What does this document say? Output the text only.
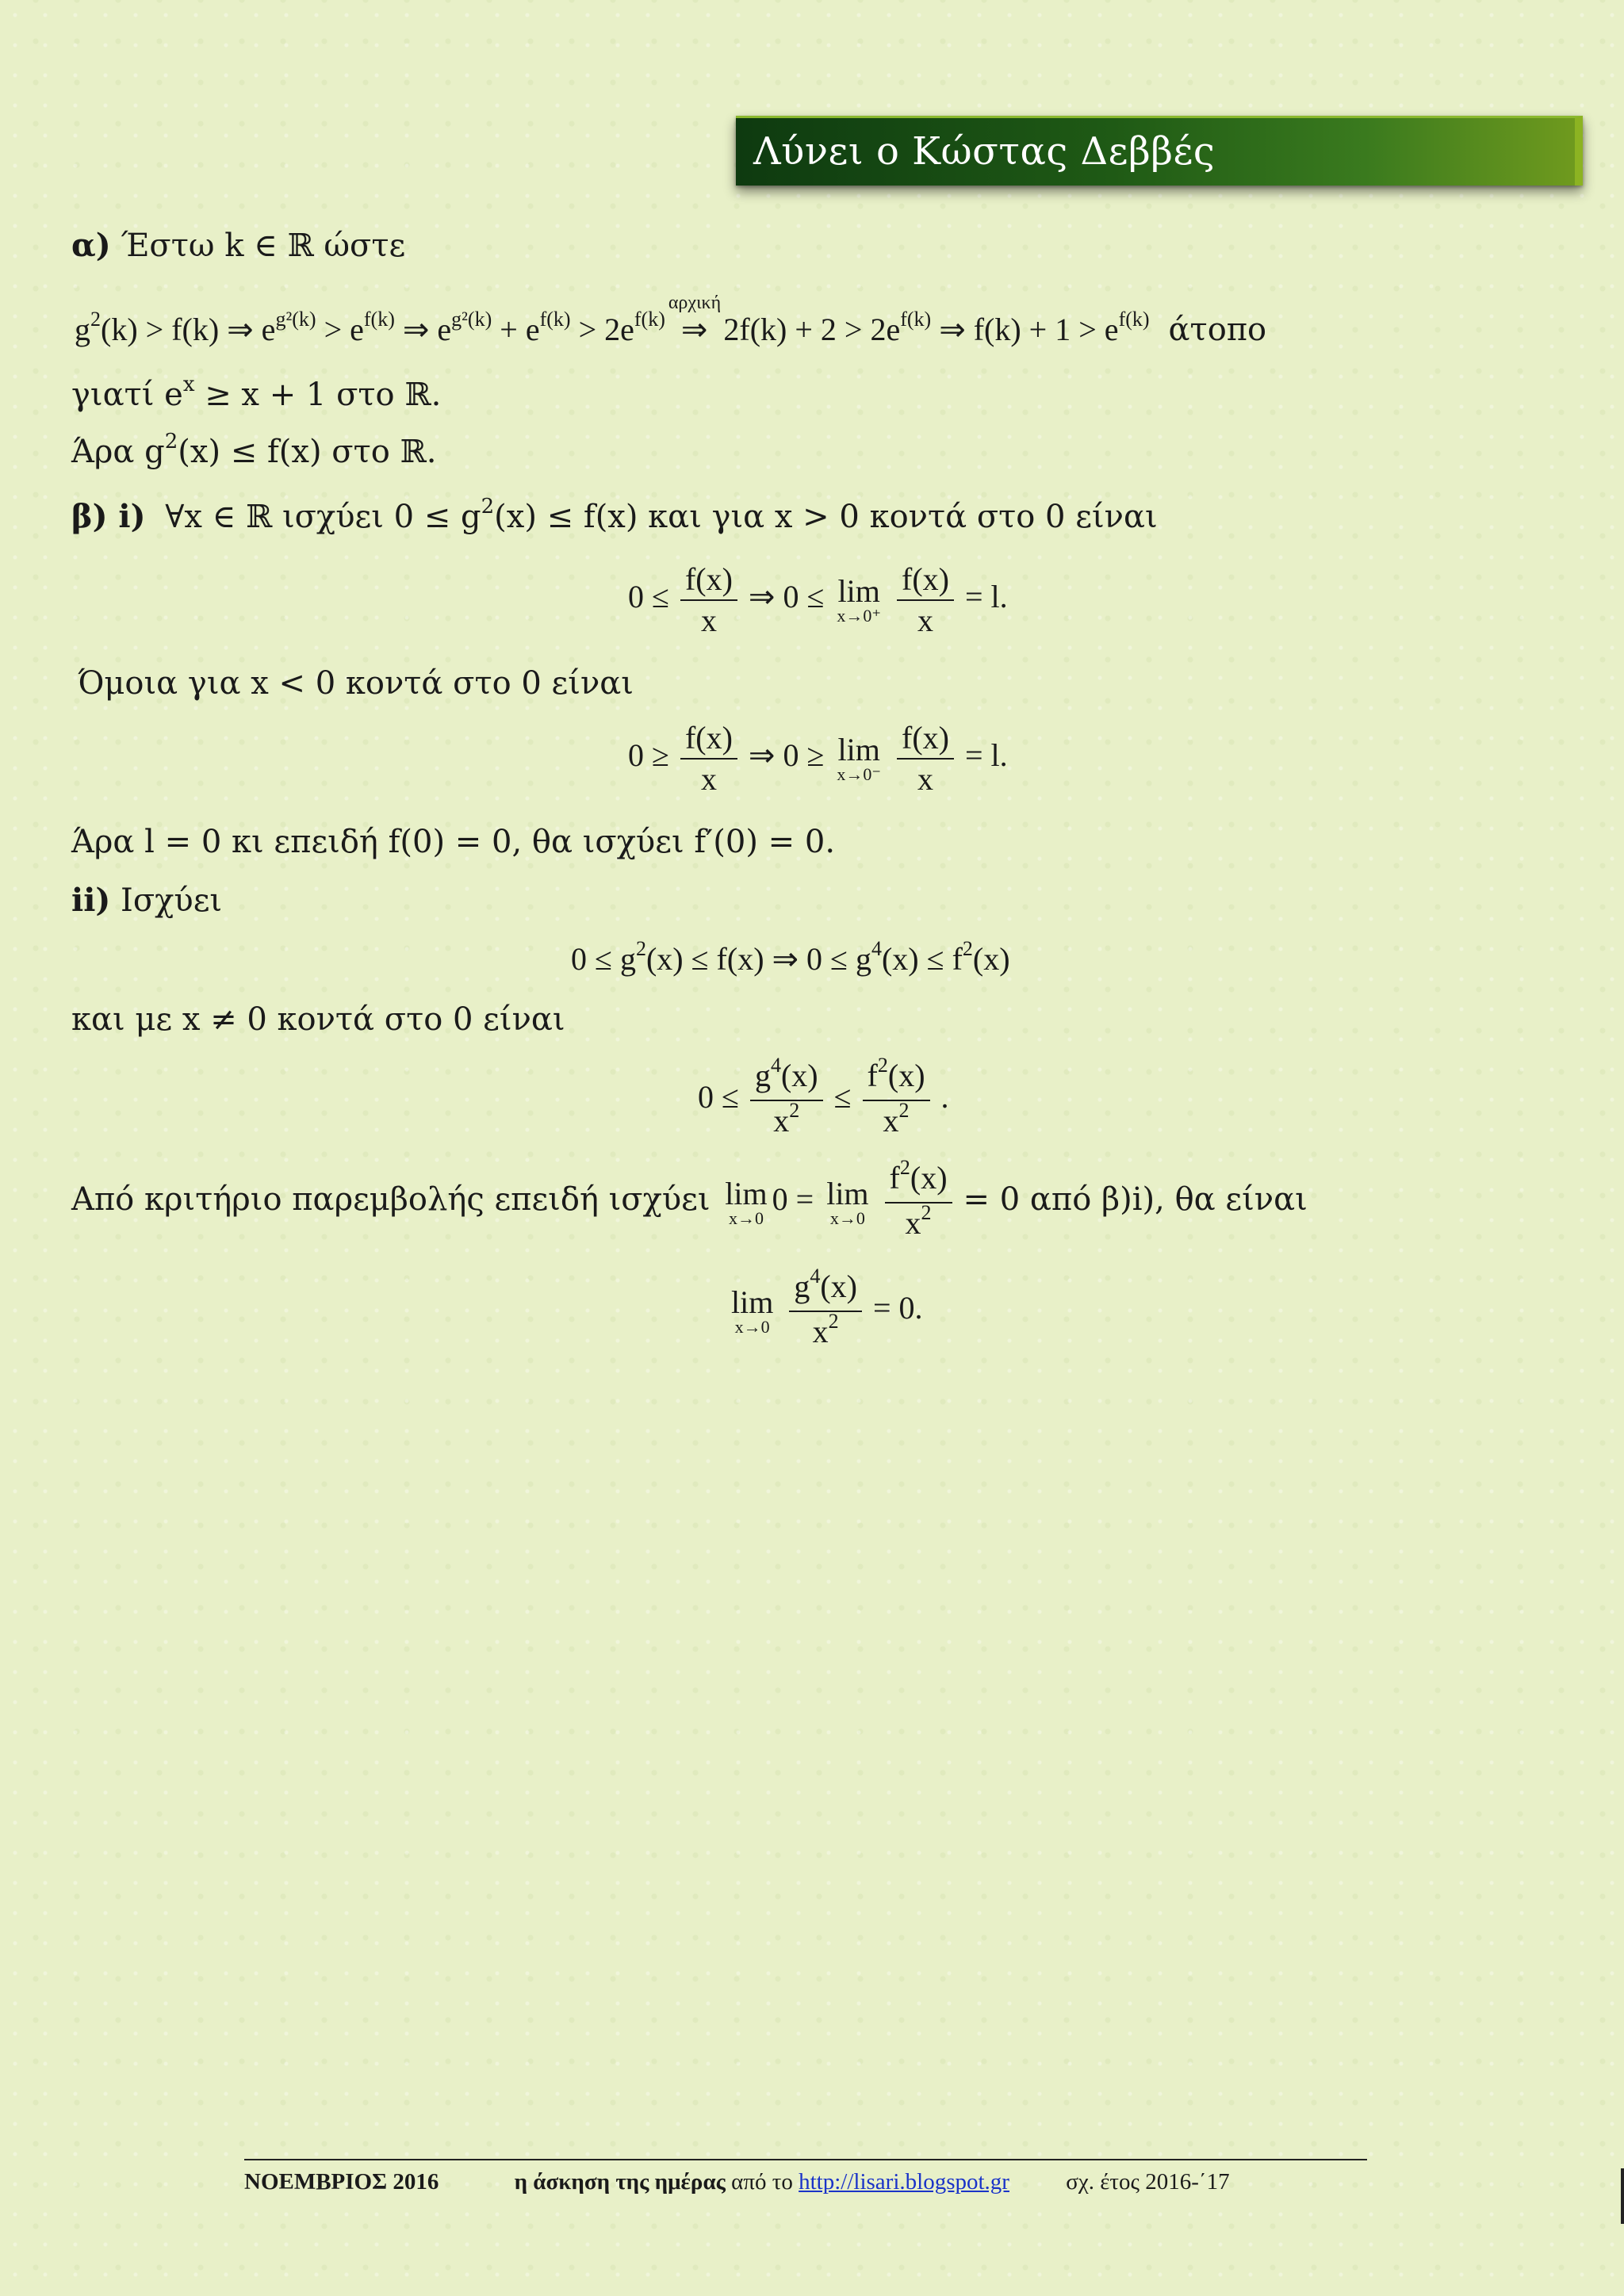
Λύνει ο Κώστας Δεββές
α) Έστω k ∈ ℝ ώστε
$g^2(k) > f(k)$ ⇒ $e^{g^2(k)} > e^{f(k)}$ ⇒ $e^{g^2(k)} + e^{f(k)} > 2e^{f(k)}$
αρχική
⇒ $2f(k) + 2 > 2e^{f(k)}$ ⇒ $f(k) + 1 > e^{f(k)}$ άτοπο
γιατί $e^x \ge x + 1$ στο ℝ.
Άρα $g^2(x) \le f(x)$ στο ℝ.
β) i) ∀x ∈ ℝ ισχύει $0 \le g^2(x) \le f(x)$ και για x > 0 κοντά στο 0 είναι
$0 \le \frac{f(x)}{x}$ ⇒ 0 ≤ lim
x→0⁺
$\frac{f(x)}{x} = l$.
Όμοια για x < 0 κοντά στο 0 είναι
$0 \ge \frac{f(x)}{x}$ ⇒ 0 ≥ lim
x→0⁻
$\frac{f(x)}{x} = l$.
Άρα l = 0 κι επειδή f(0) = 0, θα ισχύει f′(0) = 0.
ii) Ισχύει
$0 \le g^2(x) \le f(x)$ ⇒ $0 \le g^4(x) \le f^2(x)$
και με x ≠ 0 κοντά στο 0 είναι
$0 \le \frac{g^4(x)}{x^2} \le \frac{f^2(x)}{x^2}$ .
Από κριτήριο παρεμβολής επειδή ισχύει lim
x→0
0 = lim
x→0
$\frac{f^2(x)}{x^2} = 0$ από β)i), θα είναι
lim
x→0
$\frac{g^4(x)}{x^2} = 0$.
ΝΟΕΜΒΡΙΟΣ 2016	η άσκηση της ημέρας από το http://lisari.blogspot.gr σχ. έτος 2016-΄17
